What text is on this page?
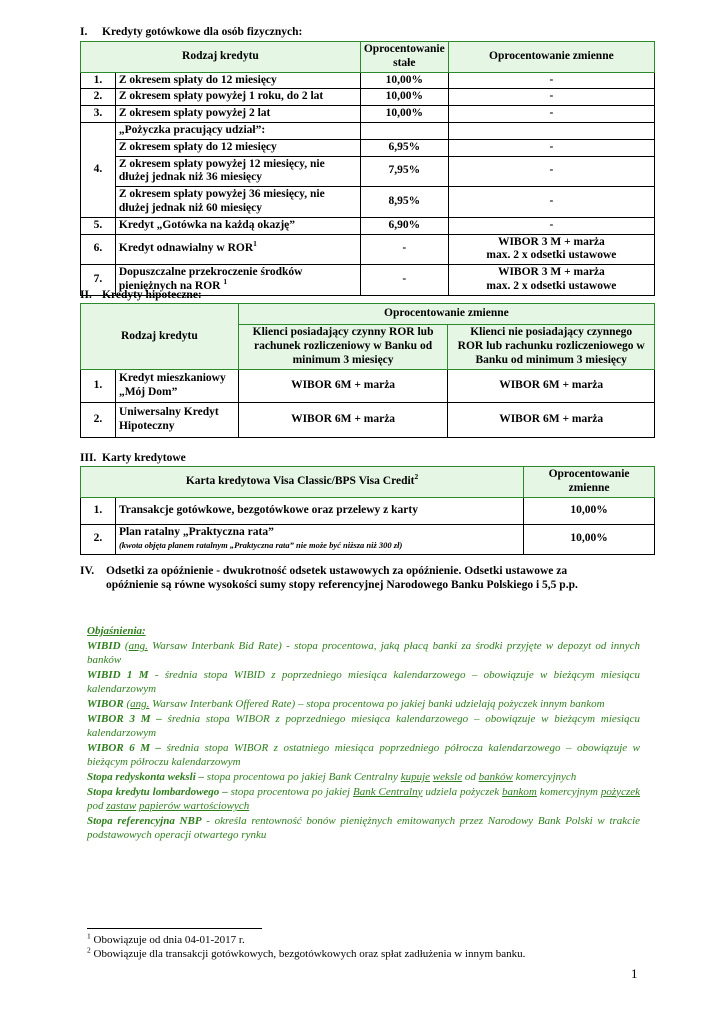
I. Kredyty gotówkowe dla osób fizycznych:
Rodzaj kredytu		Oprocentowanie
stałe	Oprocentowanie zmienne
1.	Z okresem spłaty do 12 miesięcy	10,00%	-
2.	Z okresem spłaty powyżej 1 roku, do 2 lat	10,00%	-
3.	Z okresem spłaty powyżej 2 lat	10,00%	-
4.	„Pożyczka pracujący udział”:		
	Z okresem spłaty do 12 miesięcy	6,95%	-
	Z okresem spłaty powyżej 12 miesięcy, nie
dłużej jednak niż 36 miesięcy	7,95%	-
	Z okresem spłaty powyżej 36 miesięcy, nie
dłużej jednak niż 60 miesięcy	8,95%	-
5.	Kredyt „Gotówka na każdą okazję”	6,90%	-
6.	Kredyt odnawialny w ROR$^1$	-	WIBOR 3 M + marża
max. 2 x odsetki ustawowe
7.	Dopuszczalne przekroczenie środków
pieniężnych na ROR $^1$	-	WIBOR 3 M + marża
max. 2 x odsetki ustawowe
II. Kredyty hipoteczne:
Rodzaj kredytu		Oprocentowanie zmienne	
		Klienci posiadający czynny ROR lub
rachunek rozliczeniowy w Banku od
minimum 3 miesięcy	Klienci nie posiadający czynnego
ROR lub rachunku rozliczeniowego w
Banku od minimum 3 miesięcy
1.	Kredyt mieszkaniowy
„Mój Dom”	WIBOR 6M + marża	WIBOR 6M + marża
2.	Uniwersalny Kredyt
Hipoteczny	WIBOR 6M + marża	WIBOR 6M + marża
III. Karty kredytowe
Karta kredytowa Visa Classic/BPS Visa Credit$^2$		Oprocentowanie
zmienne
1.	Transakcje gotówkowe, bezgotówkowe oraz przelewy z karty	10,00%
2.	Plan ratalny „Praktyczna rata”
(kwota objęta planem ratalnym „Praktyczna rata” nie może być niższa niż 300 zł)	10,00%
IV. Odsetki za opóźnienie - dwukrotność odsetek ustawowych za opóźnienie. Odsetki ustawowe za
opóźnienie są równe wysokości sumy stopy referencyjnej Narodowego Banku Polskiego i 5,5 p.p.

Objaśnienia:

WIBID (ang. Warsaw Interbank Bid Rate) - stopa procentowa, jaką płacą banki za środki przyjęte w depozyt od innych banków

WIBID 1 M - średnia stopa WIBID z poprzedniego miesiąca kalendarzowego – obowiązuje w bieżącym miesiącu kalendarzowym

WIBOR (ang. Warsaw Interbank Offered Rate) – stopa procentowa po jakiej banki udzielają pożyczek innym bankom

WIBOR 3 M – średnia stopa WIBOR z poprzedniego miesiąca kalendarzowego – obowiązuje w bieżącym miesiącu kalendarzowym

WIBOR 6 M – średnia stopa WIBOR z ostatniego miesiąca poprzedniego półrocza kalendarzowego – obowiązuje w bieżącym półroczu kalendarzowym

Stopa redyskonta weksli – stopa procentowa po jakiej Bank Centralny kupuje weksle od banków komercyjnych

Stopa kredytu lombardowego – stopa procentowa po jakiej Bank Centralny udziela pożyczek bankom komercyjnym pożyczek pod zastaw papierów wartościowych

Stopa referencyjna NBP - określa rentowność bonów pieniężnych emitowanych przez Narodowy Bank Polski w trakcie podstawowych operacji otwartego rynku

$^1$ Obowiązuje od dnia 04-01-2017 r.
$^2$ Obowiązuje dla transakcji gotówkowych, bezgotówkowych oraz spłat zadłużenia w innym banku.
1
